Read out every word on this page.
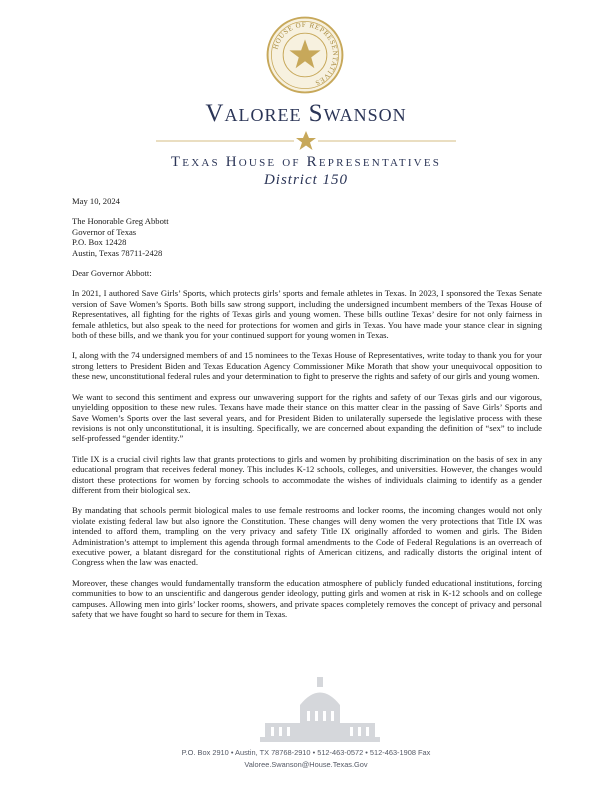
HOUSE OF REPRESENTATIVES
Valoree Swanson
Texas House of Representatives
District 150
May 10, 2024
The Honorable Greg Abbott
Governor of Texas
P.O. Box 12428
Austin, Texas 78711-2428
Dear Governor Abbott:

In 2021, I authored Save Girls’ Sports, which protects girls’ sports and female athletes in Texas. In 2023, I sponsored the Texas Senate version of Save Women’s Sports. Both bills saw strong support, including the undersigned incumbent members of the Texas House of Representatives, all fighting for the rights of Texas girls and young women. These bills outline Texas’ desire for not only fairness in female athletics, but also speak to the need for protections for women and girls in Texas. You have made your stance clear in signing both of these bills, and we thank you for your continued support for young women in Texas.

I, along with the 74 undersigned members of and 15 nominees to the Texas House of Representatives, write today to thank you for your strong letters to President Biden and Texas Education Agency Commissioner Mike Morath that show your unequivocal opposition to these new, unconstitutional federal rules and your determination to fight to preserve the rights and safety of our girls and young women.

We want to second this sentiment and express our unwavering support for the rights and safety of our Texas girls and our vigorous, unyielding opposition to these new rules. Texans have made their stance on this matter clear in the passing of Save Girls’ Sports and Save Women’s Sports over the last several years, and for President Biden to unilaterally supersede the legislative process with these revisions is not only unconstitutional, it is insulting. Specifically, we are concerned about expanding the definition of “sex” to include self-professed “gender identity.”

Title IX is a crucial civil rights law that grants protections to girls and women by prohibiting discrimination on the basis of sex in any educational program that receives federal money. This includes K-12 schools, colleges, and universities. However, the changes would distort these protections for women by forcing schools to accommodate the wishes of individuals claiming to identify as a gender different from their biological sex.

By mandating that schools permit biological males to use female restrooms and locker rooms, the incoming changes would not only violate existing federal law but also ignore the Constitution. These changes will deny women the very protections that Title IX was intended to afford them, trampling on the very privacy and safety Title IX originally afforded to women and girls. The Biden Administration’s attempt to implement this agenda through formal amendments to the Code of Federal Regulations is an overreach of executive power, a blatant disregard for the constitutional rights of American citizens, and radically distorts the original intent of Congress when the law was enacted.

Moreover, these changes would fundamentally transform the education atmosphere of publicly funded educational institutions, forcing communities to bow to an unscientific and dangerous gender ideology, putting girls and women at risk in K-12 schools and on college campuses. Allowing men into girls’ locker rooms, showers, and private spaces completely removes the concept of privacy and personal safety that we have fought so hard to secure for them in Texas.

P.O. Box 2910 • Austin, TX 78768-2910 • 512-463-0572 • 512-463-1908 Fax
Valoree.Swanson@House.Texas.Gov
